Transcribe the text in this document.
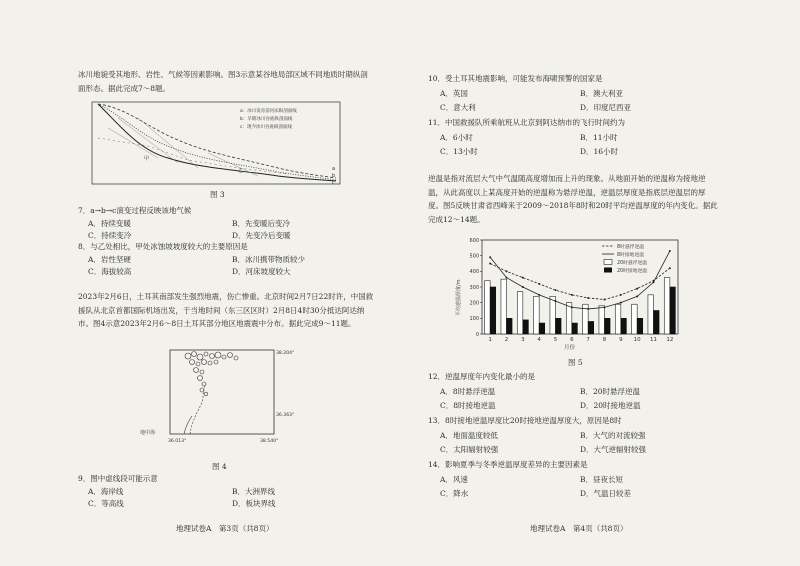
冰川地貌受其地形、岩性、气候等因素影响。图3示意某谷地局部区域不同地质时期纵剖面形态。据此完成7～8题。
a：冰川发育前河床纵剖面线
b：早期冰川谷底纵剖面线
c：现今冰川谷底纵剖面线
甲
乙	a
b
c
图 3
7．a→b→c演变过程反映该地气候
A．持续变暖	B．先变暖后变冷
C．持续变冷	D．先变冷后变暖
8．与乙处相比，甲处冰蚀坡坡度较大的主要原因是
A．岩性坚硬	B．冰川携带物质较少
C．海拔较高	D．河床坡度较大
2023年2月6日，土耳其南部发生强烈地震，伤亡惨重。北京时间2月7日22时许，中国救援队从北京首都国际机场出发，于当地时间（东三区区时）2月8日4时30分抵达阿达纳市。图4示意2023年2月6～8日土耳其部分地区地震震中分布。据此完成9～11题。
38.204°
36.363°
36.013°	38.540°
地中海
图 4
9．图中虚线段可能示意
A．海岸线	B．大洲界线
C．等高线	D．板块界线
地理试卷A　第3页（共8页）
10．受土耳其地震影响，可能发布海啸预警的国家是
A．英国	B．澳大利亚
C．意大利	D．印度尼西亚
11．中国救援队所乘航班从北京到阿达纳市的飞行时间约为
A．6小时	B．11小时
C．13小时	D．16小时
逆温是指对流层大气中气温随高度增加而上升的现象。从地面开始的逆温称为接地逆温，从此高度以上某高度开始的逆温称为悬浮逆温，逆温层厚度是指底层逆温层的厚度。图5反映甘肃省西峰来于2009～2018年8时和20时平均逆温厚度的年内变化。据此完成12～14题。
0
100
200
300
400
500
600
1 2 3 4 5 6 7 8 9 10 11 12
平均逆温厚度/m
月份
8时悬浮逆温
8时接地逆温
20时悬浮逆温
20时接地逆温
图 5
12．逆温厚度年内变化最小的是
A．8时悬浮逆温	B．20时悬浮逆温
C．8时接地逆温	D．20时接地逆温
13．8时接地逆温厚度比20时接地逆温厚度大，原因是8时
A．地面温度较低	B．大气的对流较强
C．太阳辐射较强	D．大气逆辐射较强
14．影响夏季与冬季逆温厚度差异的主要因素是
A．风速	B．昼夜长短
C．降水	D．气温日较差
地理试卷A　第4页（共8页）
